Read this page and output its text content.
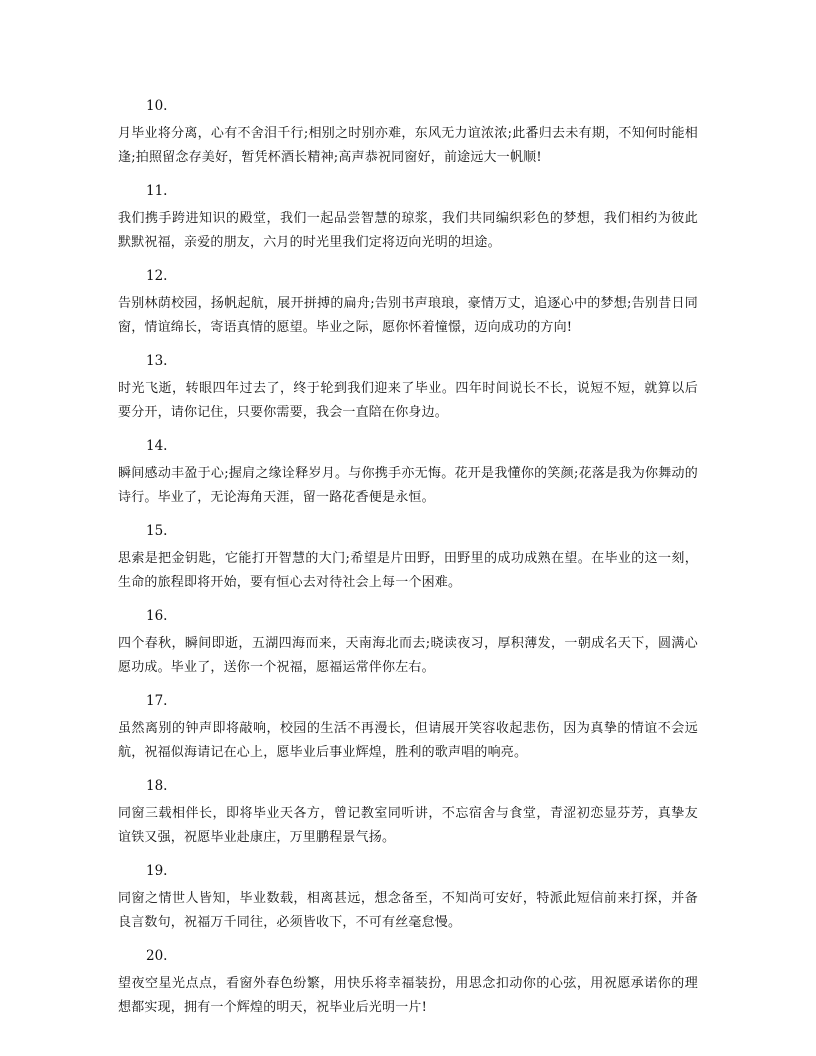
10.
月毕业将分离，心有不舍泪千行;相别之时别亦难，东风无力谊浓浓;此番归去未有期，不知何时能相逢;拍照留念存美好，暂凭杯酒长精神;高声恭祝同窗好，前途远大一帆顺!
11.
我们携手跨进知识的殿堂，我们一起品尝智慧的琼浆，我们共同编织彩色的梦想，我们相约为彼此默默祝福，亲爱的朋友，六月的时光里我们定将迈向光明的坦途。
12.
告别林荫校园，扬帆起航，展开拼搏的扁舟;告别书声琅琅，豪情万丈，追逐心中的梦想;告别昔日同窗，情谊绵长，寄语真情的愿望。毕业之际，愿你怀着憧憬，迈向成功的方向!
13.
时光飞逝，转眼四年过去了，终于轮到我们迎来了毕业。四年时间说长不长，说短不短，就算以后要分开，请你记住，只要你需要，我会一直陪在你身边。
14.
瞬间感动丰盈于心;握肩之缘诠释岁月。与你携手亦无悔。花开是我懂你的笑颜;花落是我为你舞动的诗行。毕业了，无论海角天涯，留一路花香便是永恒。
15.
思索是把金钥匙，它能打开智慧的大门;希望是片田野，田野里的成功成熟在望。在毕业的这一刻，生命的旅程即将开始，要有恒心去对待社会上每一个困难。
16.
四个春秋，瞬间即逝，五湖四海而来，天南海北而去;晓读夜习，厚积薄发，一朝成名天下，圆满心愿功成。毕业了，送你一个祝福，愿福运常伴你左右。
17.
虽然离别的钟声即将敲响，校园的生活不再漫长，但请展开笑容收起悲伤，因为真挚的情谊不会远航，祝福似海请记在心上，愿毕业后事业辉煌，胜利的歌声唱的响亮。
18.
同窗三载相伴长，即将毕业天各方，曾记教室同听讲，不忘宿舍与食堂，青涩初恋显芬芳，真挚友谊铁又强，祝愿毕业赴康庄，万里鹏程景气扬。
19.
同窗之情世人皆知，毕业数载，相离甚远，想念备至，不知尚可安好，特派此短信前来打探，并备良言数句，祝福万千同往，必须皆收下，不可有丝毫怠慢。
20.
望夜空星光点点，看窗外春色纷繁，用快乐将幸福装扮，用思念扣动你的心弦，用祝愿承诺你的理想都实现，拥有一个辉煌的明天，祝毕业后光明一片!
